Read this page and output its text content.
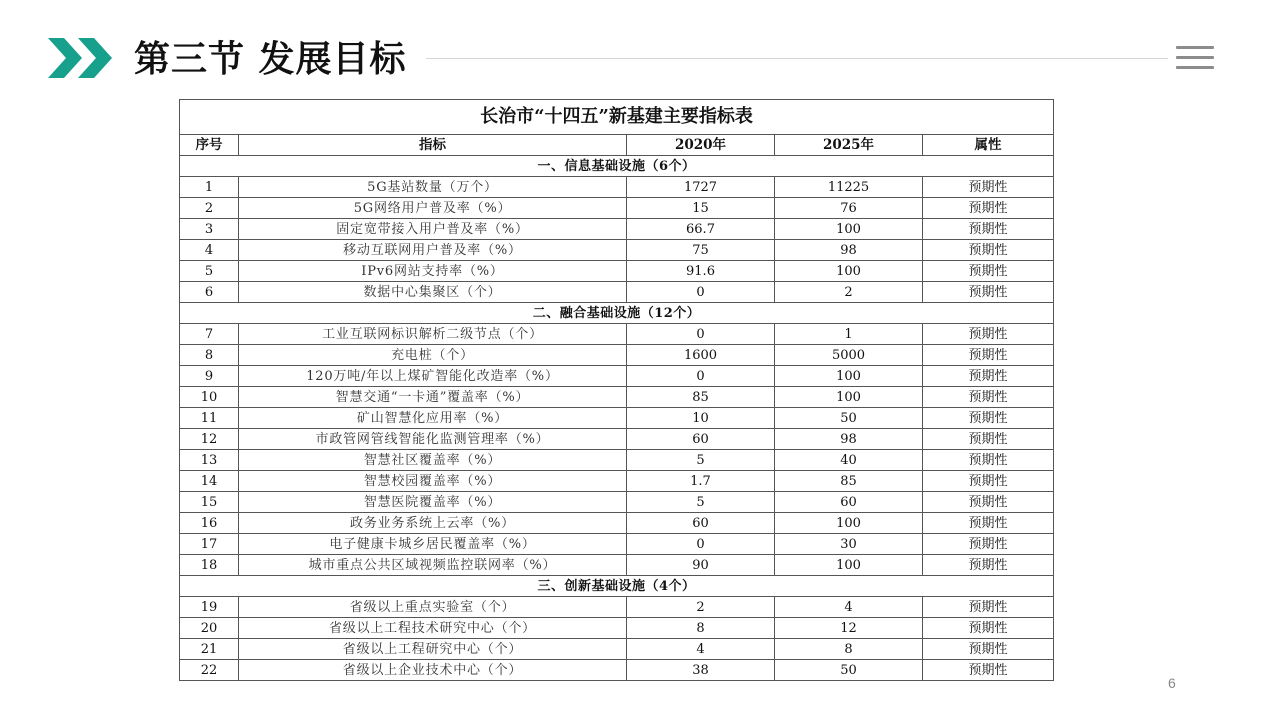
第三节 发展目标
长治市“十四五”新基建主要指标表				
序号	指标	2020年	2025年	属性
一、信息基础设施（6个）				
1	5G基站数量（万个）	1727	11225	预期性
2	5G网络用户普及率（%）	15	76	预期性
3	固定宽带接入用户普及率（%）	66.7	100	预期性
4	移动互联网用户普及率（%）	75	98	预期性
5	IPv6网站支持率（%）	91.6	100	预期性
6	数据中心集聚区（个）	0	2	预期性
二、融合基础设施（12个）				
7	工业互联网标识解析二级节点（个）	0	1	预期性
8	充电桩（个）	1600	5000	预期性
9	120万吨/年以上煤矿智能化改造率（%）	0	100	预期性
10	智慧交通“一卡通”覆盖率（%）	85	100	预期性
11	矿山智慧化应用率（%）	10	50	预期性
12	市政管网管线智能化监测管理率（%）	60	98	预期性
13	智慧社区覆盖率（%）	5	40	预期性
14	智慧校园覆盖率（%）	1.7	85	预期性
15	智慧医院覆盖率（%）	5	60	预期性
16	政务业务系统上云率（%）	60	100	预期性
17	电子健康卡城乡居民覆盖率（%）	0	30	预期性
18	城市重点公共区域视频监控联网率（%）	90	100	预期性
三、创新基础设施（4个）				
19	省级以上重点实验室（个）	2	4	预期性
20	省级以上工程技术研究中心（个）	8	12	预期性
21	省级以上工程研究中心（个）	4	8	预期性
22	省级以上企业技术中心（个）	38	50	预期性
6
